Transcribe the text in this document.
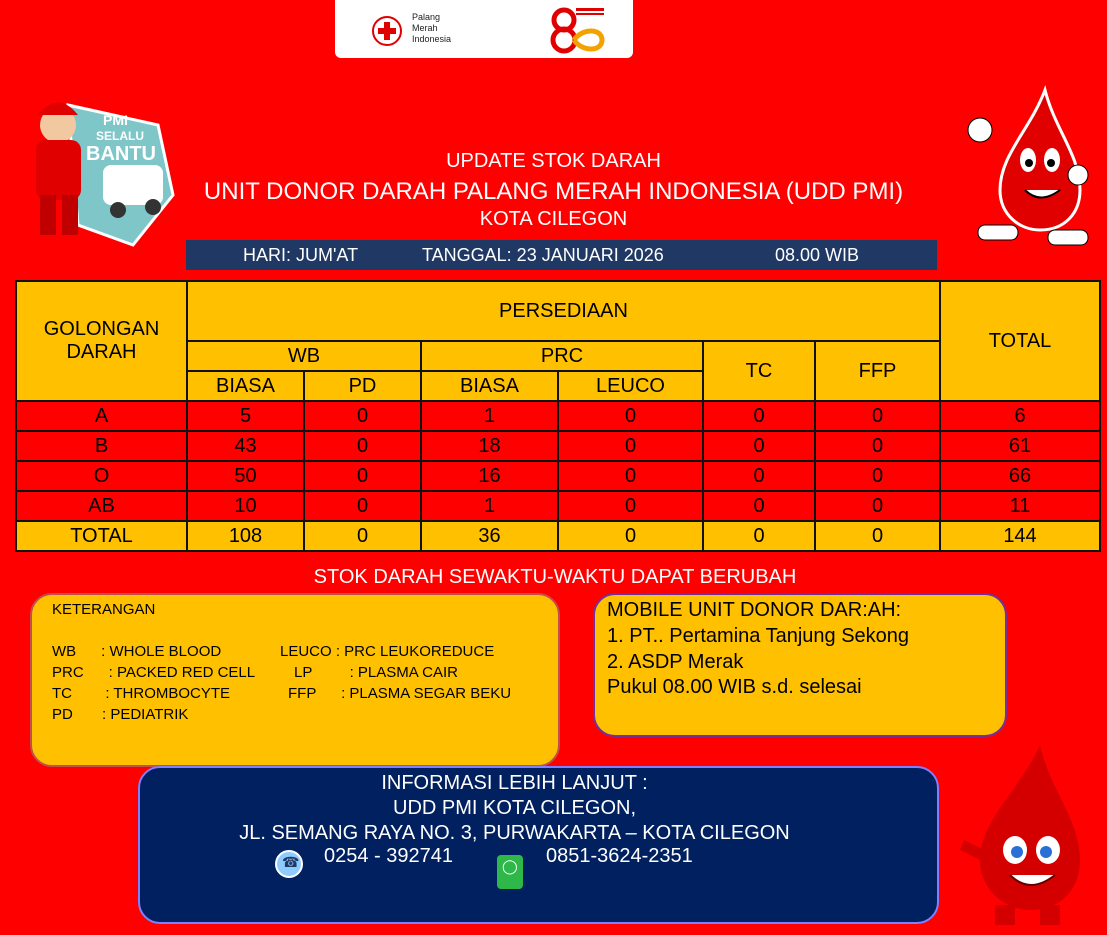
Palang
Merah
Indonesia
PMI
SELALU
BANTU	UPDATE STOK DARAH
UNIT DONOR DARAH PALANG MERAH INDONESIA (UDD PMI)
KOTA CILEGON
HARI: JUM'AT	TANGGAL: 23 JANUARI 2026	08.00 WIB
GOLONGAN DARAH	PERSEDIAAN						TOTAL
	WB		PRC		TC	FFP	
	BIASA	PD	BIASA	LEUCO			
A	5	0	1	0	0	0	6
B	43	0	18	0	0	0	61
O	50	0	16	0	0	0	66
AB	10	0	1	0	0	0	11
TOTAL	108	0	36	0	0	0	144
STOK DARAH SEWAKTU-WAKTU DAPAT BERUBAH
KETERANGAN
WB      : WHOLE BLOOD
PRC      : PACKED RED CELL
TC        : THROMBOCYTE
PD       : PEDIATRIK
LEUCO : PRC LEUKOREDUCE
LP         : PLASMA CAIR
FFP      : PLASMA SEGAR BEKU
MOBILE UNIT DONOR DAR:AH:
1. PT.. Pertamina Tanjung Sekong
2. ASDP Merak
Pukul 08.00 WIB s.d. selesai
INFORMASI LEBIH LANJUT :
UDD PMI KOTA CILEGON,
JL. SEMANG RAYA NO. 3, PURWAKARTA – KOTA CILEGON
☎
0254 - 392741 ◯	0851-3624-2351
